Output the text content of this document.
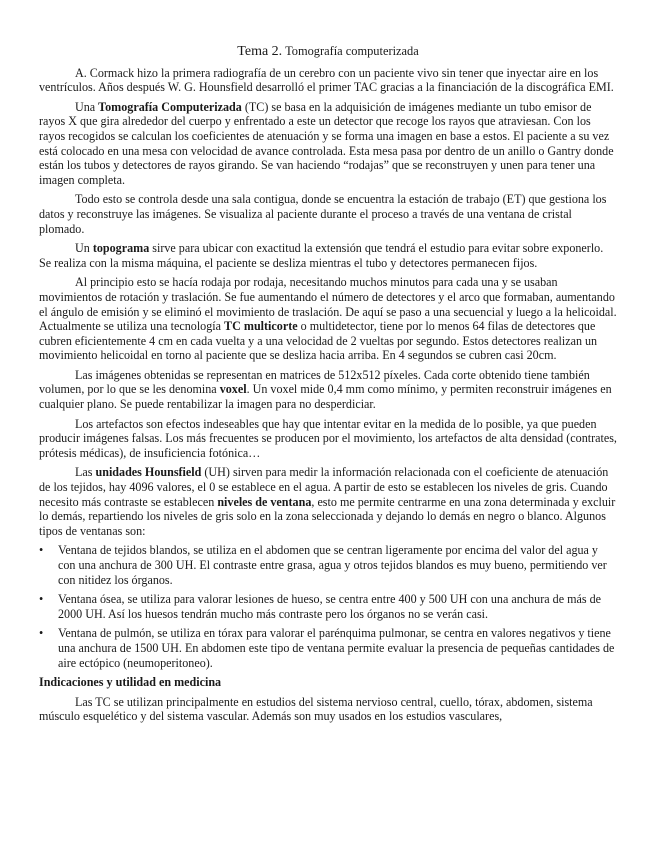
Tema 2. Tomografía computerizada

A. Cormack hizo la primera radiografía de un cerebro con un paciente vivo sin tener que inyectar aire en los ventrículos. Años después W. G. Hounsfield desarrolló el primer TAC gracias a la financiación de la discográfica EMI.

Una Tomografía Computerizada (TC) se basa en la adquisición de imágenes mediante un tubo emisor de rayos X que gira alrededor del cuerpo y enfrentado a este un detector que recoge los rayos que atraviesan. Con los rayos recogidos se calculan los coeficientes de atenuación y se forma una imagen en base a estos. El paciente a su vez está colocado en una mesa con velocidad de avance controlada. Esta mesa pasa por dentro de un anillo o Gantry donde están los tubos y detectores de rayos girando. Se van haciendo “rodajas” que se reconstruyen y unen para tener una imagen completa.

Todo esto se controla desde una sala contigua, donde se encuentra la estación de trabajo (ET) que gestiona los datos y reconstruye las imágenes. Se visualiza al paciente durante el proceso a través de una ventana de cristal plomado.

Un topograma sirve para ubicar con exactitud la extensión que tendrá el estudio para evitar sobre exponerlo. Se realiza con la misma máquina, el paciente se desliza mientras el tubo y detectores permanecen fijos.

Al principio esto se hacía rodaja por rodaja, necesitando muchos minutos para cada una y se usaban movimientos de rotación y traslación. Se fue aumentando el número de detectores y el arco que formaban, aumentando el ángulo de emisión y se eliminó el movimiento de traslación. De aquí se paso a una secuencial y luego a la helicoidal. Actualmente se utiliza una tecnología TC multicorte o multidetector, tiene por lo menos 64 filas de detectores que cubren eficientemente 4 cm en cada vuelta y a una velocidad de 2 vueltas por segundo. Estos detectores realizan un movimiento helicoidal en torno al paciente que se desliza hacia arriba. En 4 segundos se cubren casi 20cm.

Las imágenes obtenidas se representan en matrices de 512x512 píxeles. Cada corte obtenido tiene también volumen, por lo que se les denomina voxel. Un voxel mide 0,4 mm como mínimo, y permiten reconstruir imágenes en cualquier plano. Se puede rentabilizar la imagen para no desperdiciar.

Los artefactos son efectos indeseables que hay que intentar evitar en la medida de lo posible, ya que pueden producir imágenes falsas. Los más frecuentes se producen por el movimiento, los artefactos de alta densidad (contrates, prótesis médicas), de insuficiencia fotónica…

Las unidades Hounsfield (UH) sirven para medir la información relacionada con el coeficiente de atenuación de los tejidos, hay 4096 valores, el 0 se establece en el agua. A partir de esto se establecen los niveles de gris. Cuando necesito más contraste se establecen niveles de ventana, esto me permite centrarme en una zona determinada y excluir lo demás, repartiendo los niveles de gris solo en la zona seleccionada y dejando lo demás en negro o blanco. Algunos tipos de ventanas son:

• Ventana de tejidos blandos, se utiliza en el abdomen que se centran ligeramente por encima del valor del agua y con una anchura de 300 UH. El contraste entre grasa, agua y otros tejidos blandos es muy bueno, permitiendo ver con nitidez los órganos.
• Ventana ósea, se utiliza para valorar lesiones de hueso, se centra entre 400 y 500 UH con una anchura de más de 2000 UH. Así los huesos tendrán mucho más contraste pero los órganos no se verán casi.
• Ventana de pulmón, se utiliza en tórax para valorar el parénquima pulmonar, se centra en valores negativos y tiene una anchura de 1500 UH. En abdomen este tipo de ventana permite evaluar la presencia de pequeñas cantidades de aire ectópico (neumoperitoneo).
Indicaciones y utilidad en medicina

Las TC se utilizan principalmente en estudios del sistema nervioso central, cuello, tórax, abdomen, sistema músculo esquelético y del sistema vascular. Además son muy usados en los estudios vasculares,
